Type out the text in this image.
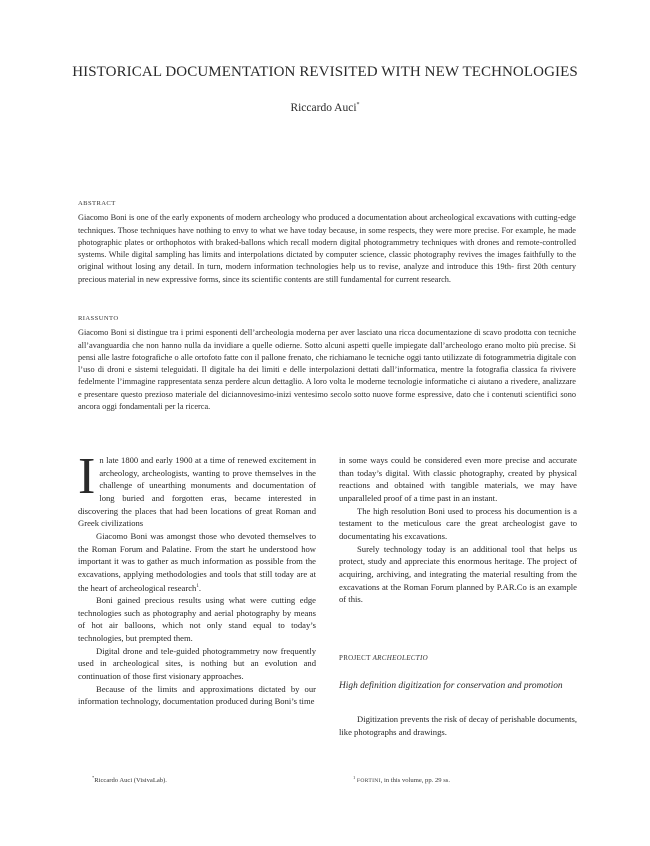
HISTORICAL DOCUMENTATION REVISITED WITH NEW TECHNOLOGIES
Riccardo Auci*
ABSTRACT
Giacomo Boni is one of the early exponents of modern archeology who produced a documentation about archeological excavations with cutting-edge techniques. Those techniques have nothing to envy to what we have today because, in some respects, they were more precise. For example, he made photographic plates or orthophotos with braked-ballons which recall modern digital photogrammetry techniques with drones and remote-controlled systems. While digital sampling has limits and interpolations dictated by computer science, classic photography revives the images faithfully to the original without losing any detail. In turn, modern information technologies help us to revise, analyze and introduce this 19th- first 20th century precious material in new expressive forms, since its scientific contents are still fundamental for current research.
RIASSUNTO
Giacomo Boni si distingue tra i primi esponenti dell’archeologia moderna per aver lasciato una ricca documentazione di scavo prodotta con tecniche all’avanguardia che non hanno nulla da invidiare a quelle odierne. Sotto alcuni aspetti quelle impiegate dall’archeologo erano molto più precise. Si pensi alle lastre fotografiche o alle ortofoto fatte con il pallone frenato, che richiamano le tecniche oggi tanto utilizzate di fotogrammetria digitale con l’uso di droni e sistemi teleguidati. Il digitale ha dei limiti e delle interpolazioni dettati dall’informatica, mentre la fotografia classica fa rivivere fedelmente l’immagine rappresentata senza perdere alcun dettaglio. A loro volta le moderne tecnologie informatiche ci aiutano a rivedere, analizzare e presentare questo prezioso materiale del diciannovesimo-inizi ventesimo secolo sotto nuove forme espressive, dato che i contenuti scientifici sono ancora oggi fondamentali per la ricerca.

In late 1800 and early 1900 at a time of renewed excitement in archeology, archeologists, wanting to prove themselves in the challenge of unearthing monuments and documentation of long buried and forgotten eras, became interested in discovering the places that had been locations of great Roman and Greek civilizations

Giacomo Boni was amongst those who devoted themselves to the Roman Forum and Palatine. From the start he understood how important it was to gather as much information as possible from the excavations, applying methodologies and tools that still today are at the heart of archeological research$^1$.

Boni gained precious results using what were cutting edge technologies such as photography and aerial photography by means of hot air balloons, which not only stand equal to today’s technologies, but prempted them.

Digital drone and tele-guided photogrammetry now frequently used in archeological sites, is nothing but an evolution and continuation of those first visionary approaches.

Because of the limits and approximations dictated by our information technology, documentation produced during Boni’s time

in some ways could be considered even more precise and accurate than today’s digital. With classic photography, created by physical reactions and obtained with tangible materials, we may have unparalleled proof of a time past in an instant.

The high resolution Boni used to process his documention is a testament to the meticulous care the great archeologist gave to documentating his excavations.

Surely technology today is an additional tool that helps us protect, study and appreciate this enormous heritage. The project of acquiring, archiving, and integrating the material resulting from the excavations at the Roman Forum planned by P.AR.Co is an example of this.

PROJECT ARCHEOLECTIO
High definition digitization for conservation and promotion

Digitization prevents the risk of decay of perishable documents, like photographs and drawings.

*Riccardo Auci (VisivaLab).	$^1$ FORTINI, in this volume, pp. 29 ss.
